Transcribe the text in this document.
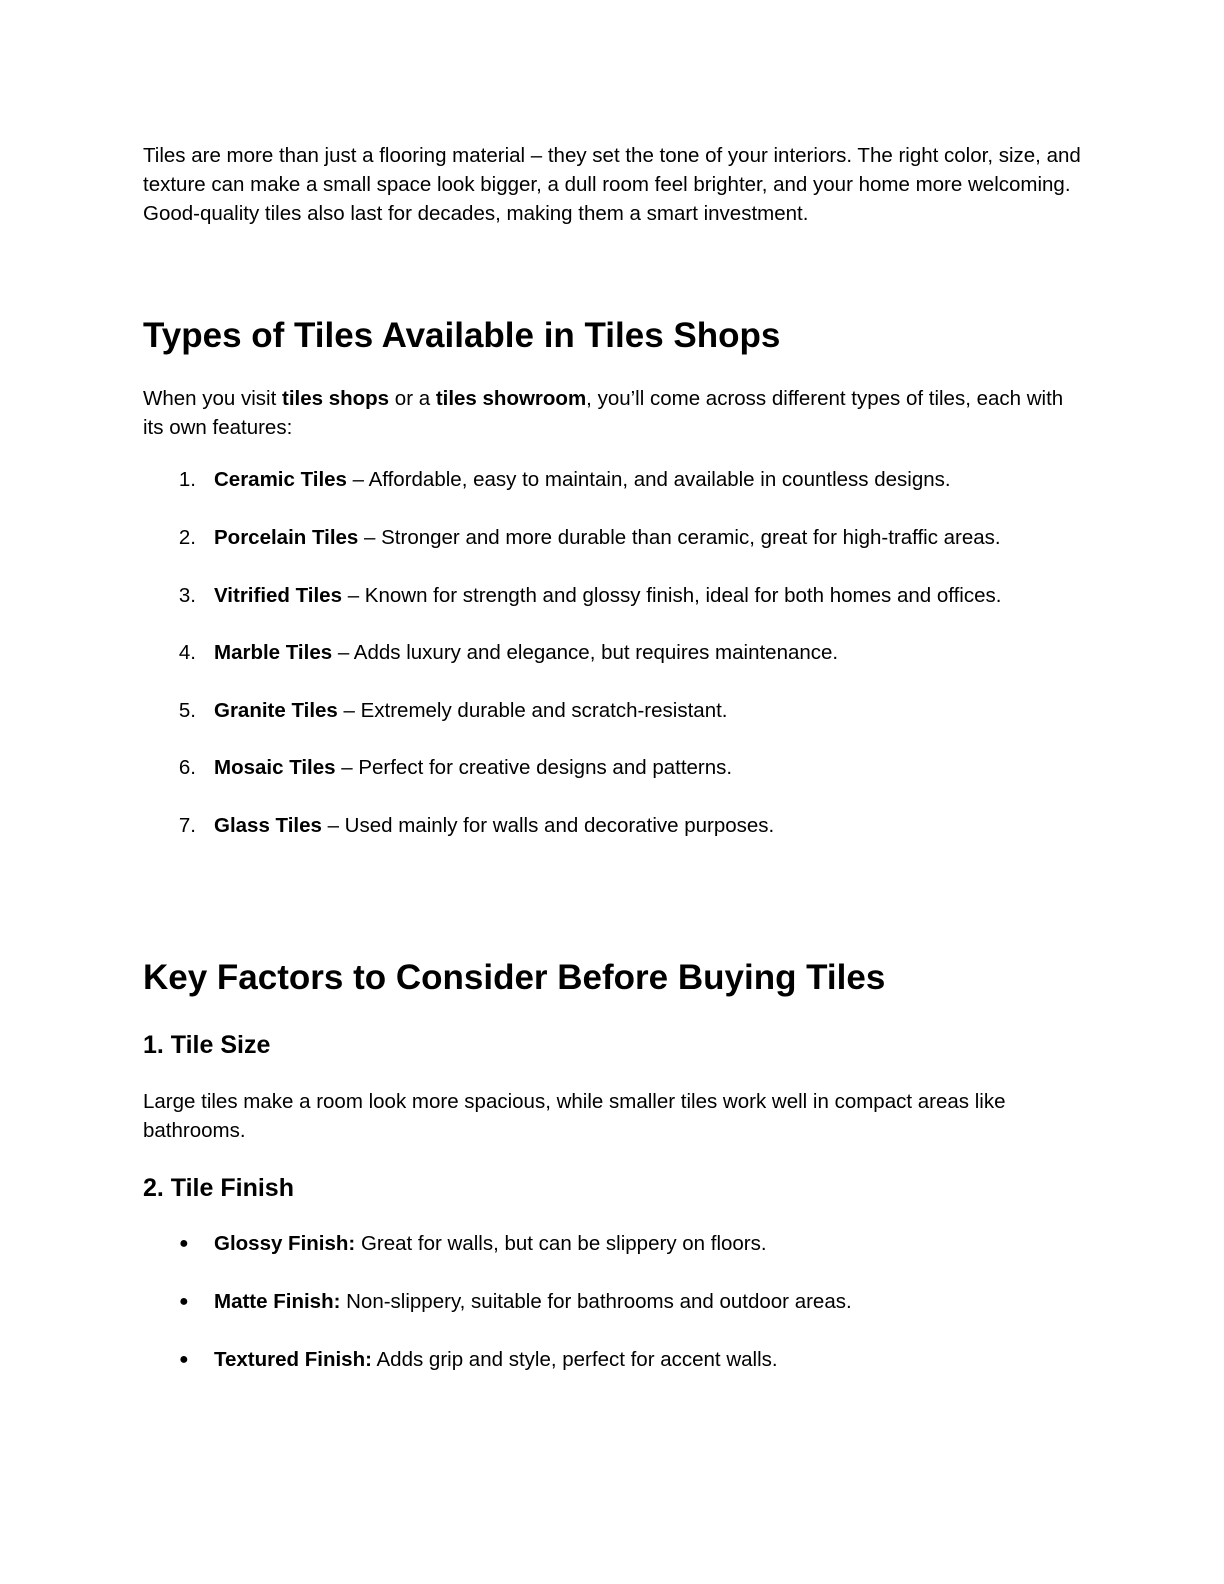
Tiles are more than just a flooring material – they set the tone of your interiors. The right color, size, and texture can make a small space look bigger, a dull room feel brighter, and your home more welcoming. Good-quality tiles also last for decades, making them a smart investment.

Types of Tiles Available in Tiles Shops

When you visit tiles shops or a tiles showroom, you’ll come across different types of tiles, each with its own features:

1. Ceramic Tiles – Affordable, easy to maintain, and available in countless designs.
2. Porcelain Tiles – Stronger and more durable than ceramic, great for high-traffic areas.
3. Vitrified Tiles – Known for strength and glossy finish, ideal for both homes and offices.
4. Marble Tiles – Adds luxury and elegance, but requires maintenance.
5. Granite Tiles – Extremely durable and scratch-resistant.
6. Mosaic Tiles – Perfect for creative designs and patterns.
7. Glass Tiles – Used mainly for walls and decorative purposes.
Key Factors to Consider Before Buying Tiles
1. Tile Size

Large tiles make a room look more spacious, while smaller tiles work well in compact areas like bathrooms.

2. Tile Finish
● Glossy Finish: Great for walls, but can be slippery on floors.
● Matte Finish: Non-slippery, suitable for bathrooms and outdoor areas.
● Textured Finish: Adds grip and style, perfect for accent walls.
